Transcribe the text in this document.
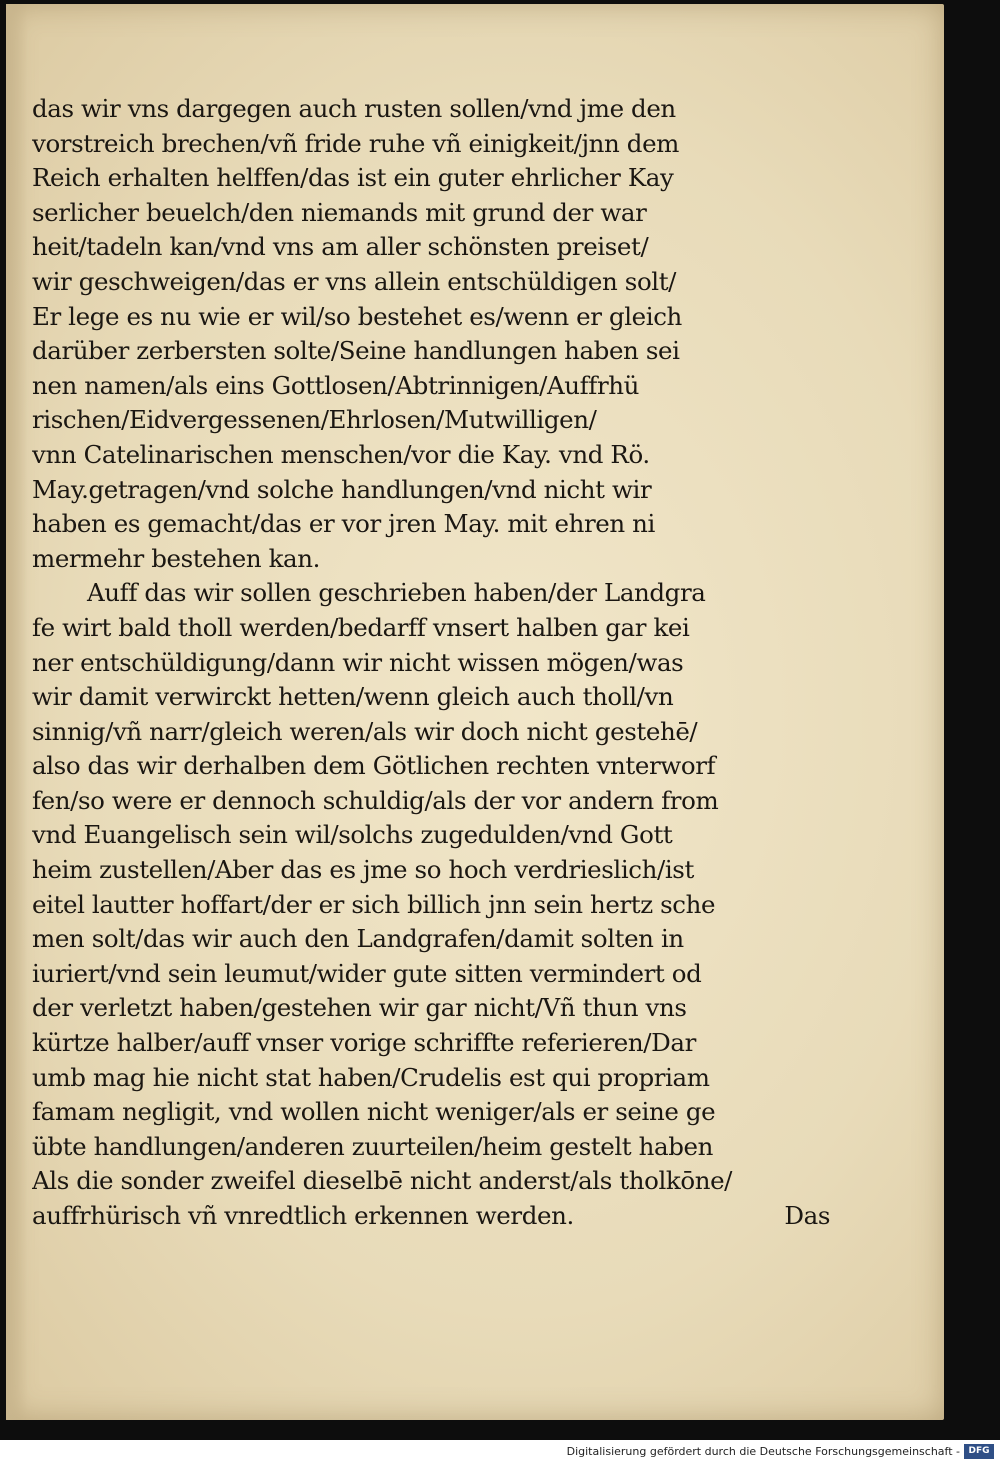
das wir vns dargegen auch rusten sollen/vnd jme den
vorstreich brechen/vñ fride ruhe vñ einigkeit/jnn dem
Reich erhalten helffen/das ist ein guter ehrlicher Kay
serlicher beuelch/den niemands mit grund der war
heit/tadeln kan/vnd vns am aller schönsten preiset/
wir geschweigen/das er vns allein entschüldigen solt/
Er lege es nu wie er wil/so bestehet es/wenn er gleich
darüber zerbersten solte/Seine handlungen haben sei
nen namen/als eins Gottlosen/Abtrinnigen/Auffrhü
rischen/Eidvergessenen/Ehrlosen/Mutwilligen/
vnn Catelinarischen menschen/vor die Kay. vnd Rö.
May.getragen/vnd solche handlungen/vnd nicht wir
haben es gemacht/das er vor jren May. mit ehren ni
mermehr bestehen kan.
Auff das wir sollen geschrieben haben/der Landgra
fe wirt bald tholl werden/bedarff vnsert halben gar kei
ner entschüldigung/dann wir nicht wissen mögen/was
wir damit verwirckt hetten/wenn gleich auch tholl/vn
sinnig/vñ narr/gleich weren/als wir doch nicht gestehē/
also das wir derhalben dem Götlichen rechten vnterworf
fen/so were er dennoch schuldig/als der vor andern from
vnd Euangelisch sein wil/solchs zugedulden/vnd Gott
heim zustellen/Aber das es jme so hoch verdrieslich/ist
eitel lautter hoffart/der er sich billich jnn sein hertz sche
men solt/das wir auch den Landgrafen/damit solten in
iuriert/vnd sein leumut/wider gute sitten vermindert od
der verletzt haben/gestehen wir gar nicht/Vñ thun vns
kürtze halber/auff vnser vorige schriffte referieren/Dar
umb mag hie nicht stat haben/Crudelis est qui propriam
famam negligit, vnd wollen nicht weniger/als er seine ge
übte handlungen/anderen zuurteilen/heim gestelt haben
Als die sonder zweifel dieselbē nicht anderst/als tholkōne/
auffrhürisch vñ vnredtlich erkennen werden.	Das
Digitalisierung gefördert durch die Deutsche Forschungsgemeinschaft - DFG
